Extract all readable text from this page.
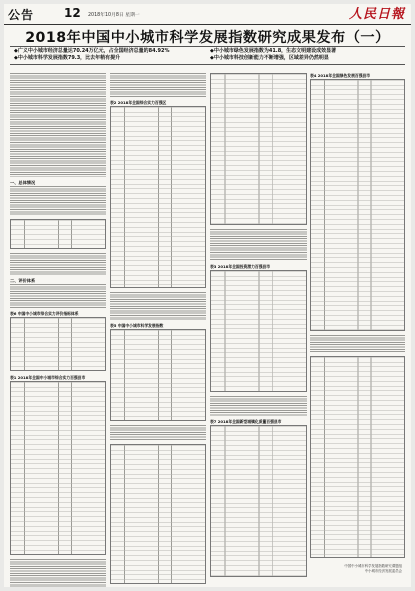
公告 12 2018年10月8日 星期一	人民日報
2018年中国中小城市科学发展指数研究成果发布（一）
◆广义中小城市经济总量达70.24万亿元，占全国经济总量的84.92%
◆中小城市科学发展指数79.3，比去年稍有提升
◆中小城市绿色发展指数为41.8，生态文明建设成效显著
◆中小城市科技创新能力不断增强，区域差异仍然明显
一、总体情况
二、评价体系
表6 中国中小城市综合实力评价指标体系
表1 2018年全国中小城市综合实力百强县市
表2 2018年全国综合实力百强区
表5 中国中小城市科学发展指数
表3 2018年全国投资潜力百强县市
表7 2018年全国新型城镇化质量百强县市
表4 2018年全国绿色发展百强县市
中国中小城市科学发展指数研究课题组
中小城市经济发展委员会
